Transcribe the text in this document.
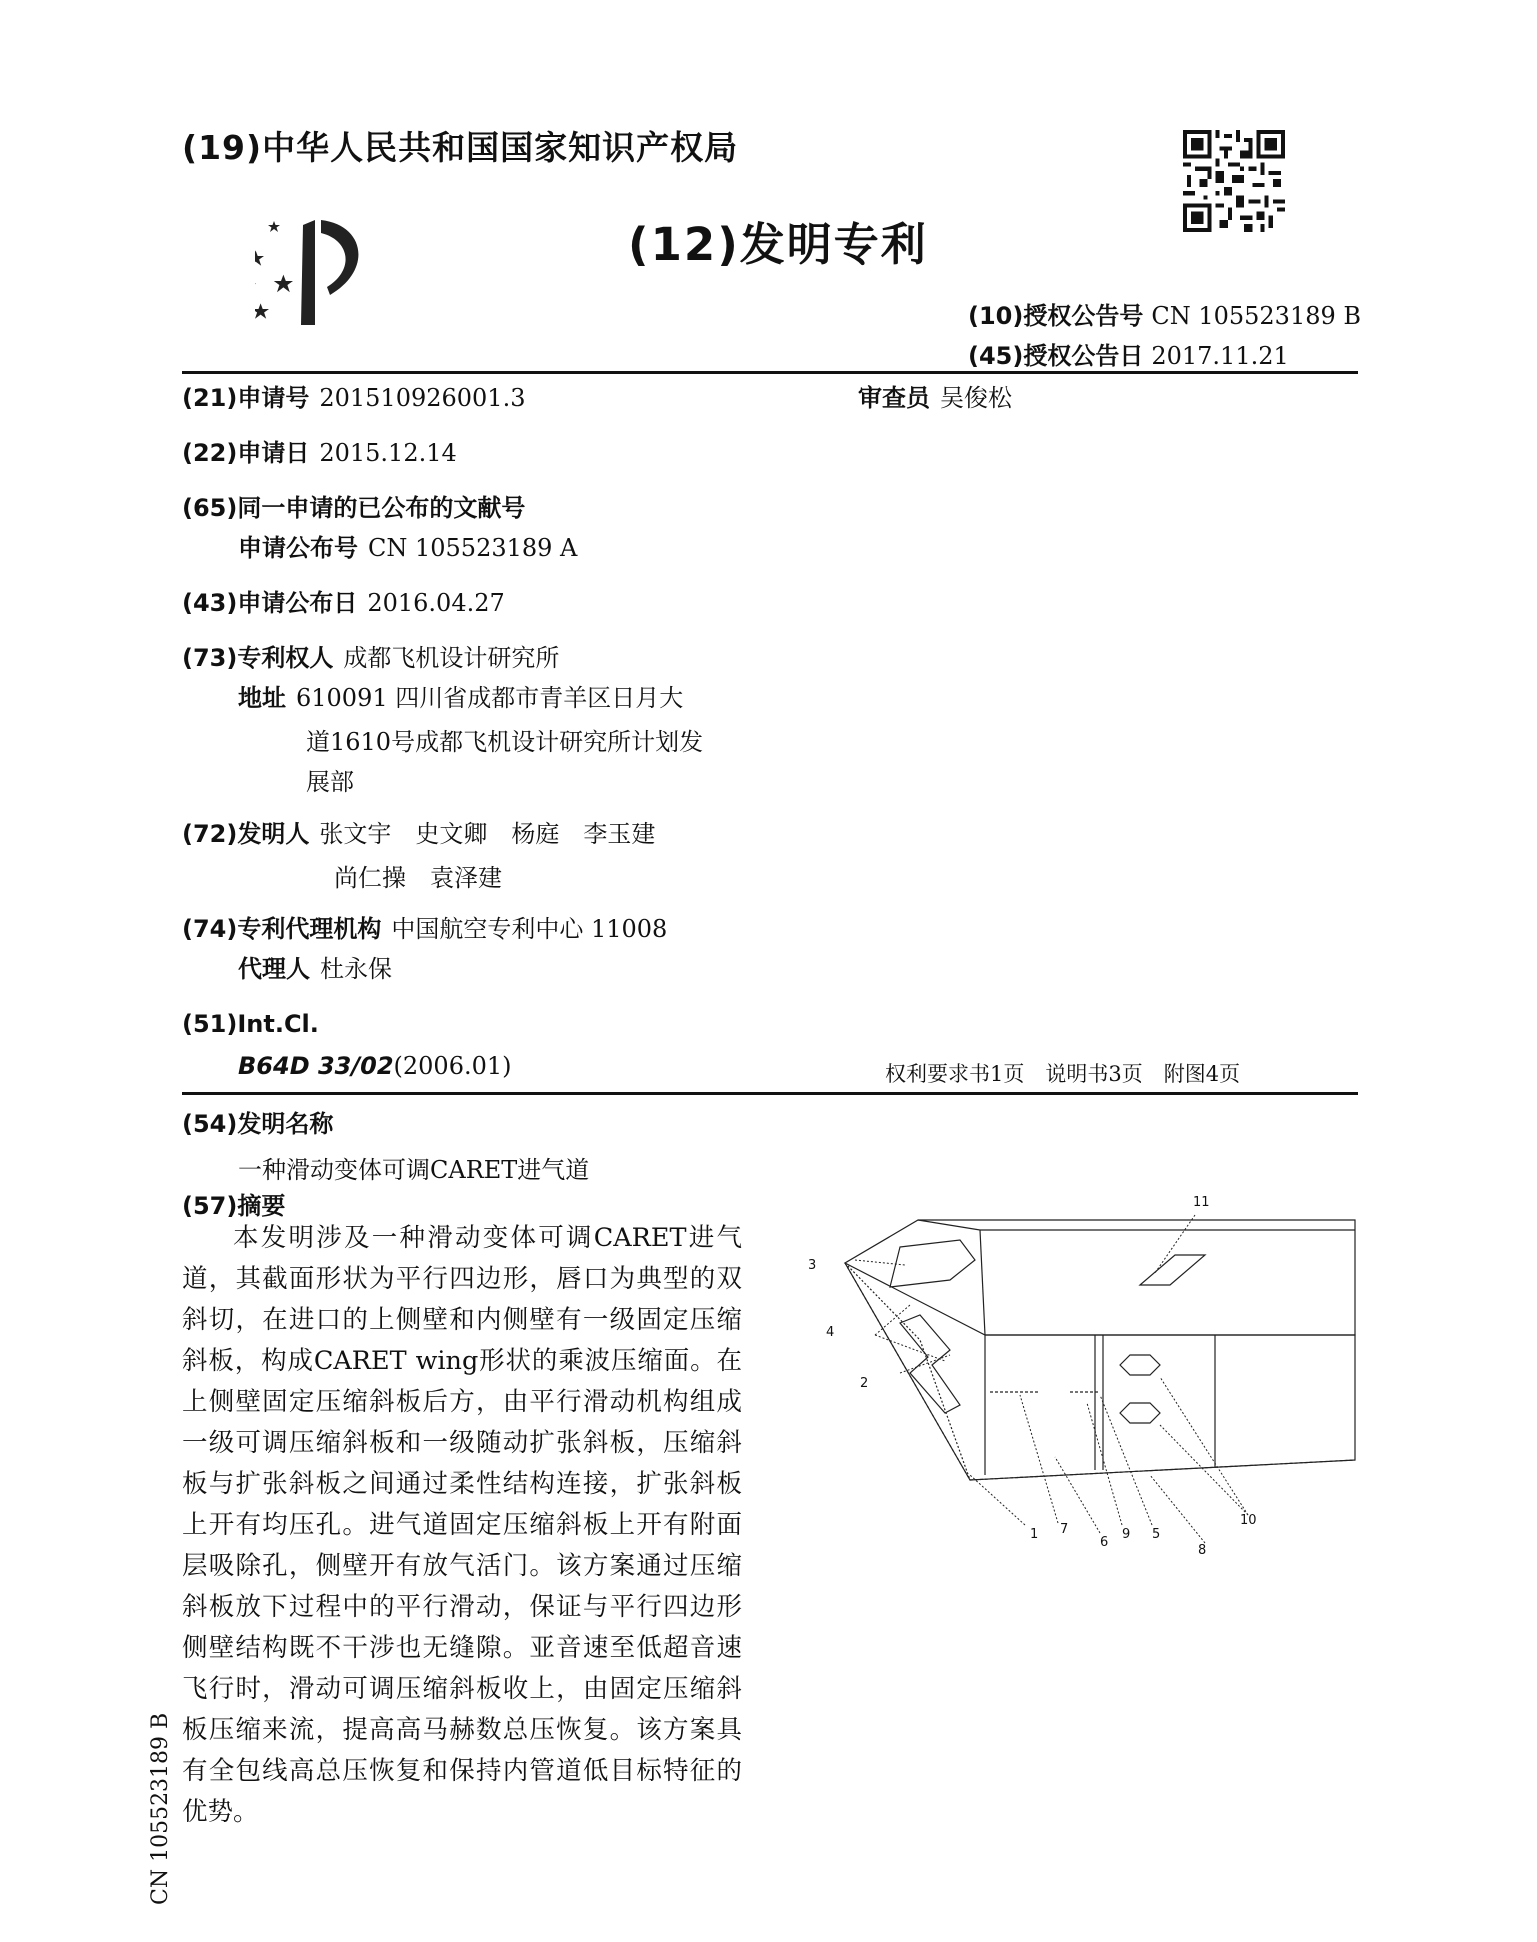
(19)中华人民共和国国家知识产权局
(12)发明专利
(10)授权公告号 CN 105523189 B
(45)授权公告日 2017.11.21
(21)申请号 201510926001.3	审查员 吴俊松
(22)申请日 2015.12.14
(65)同一申请的已公布的文献号
申请公布号 CN 105523189 A
(43)申请公布日 2016.04.27
(73)专利权人 成都飞机设计研究所
地址 610091 四川省成都市青羊区日月大
道1610号成都飞机设计研究所计划发
展部
(72)发明人 张文宇　史文卿　杨庭　李玉建
尚仁操　袁泽建
(74)专利代理机构 中国航空专利中心 11008
代理人 杜永保
(51)Int.Cl.
B64D 33/02(2006.01)	权利要求书1页　说明书3页　附图4页
(54)发明名称
一种滑动变体可调CARET进气道
(57)摘要
本发明涉及一种滑动变体可调CARET进气道，其截面形状为平行四边形，唇口为典型的双斜切，在进口的上侧壁和内侧壁有一级固定压缩斜板，构成CARET wing形状的乘波压缩面。在上侧壁固定压缩斜板后方，由平行滑动机构组成一级可调压缩斜板和一级随动扩张斜板，压缩斜板与扩张斜板之间通过柔性结构连接，扩张斜板上开有均压孔。进气道固定压缩斜板上开有附面层吸除孔，侧壁开有放气活门。该方案通过压缩斜板放下过程中的平行滑动，保证与平行四边形侧壁结构既不干涉也无缝隙。亚音速至低超音速飞行时，滑动可调压缩斜板收上，由固定压缩斜板压缩来流，提高高马赫数总压恢复。该方案具有全包线高总压恢复和保持内管道低目标特征的优势。
11
3
4
2
1 7
6
9 5
8
10
CN 105523189 B
